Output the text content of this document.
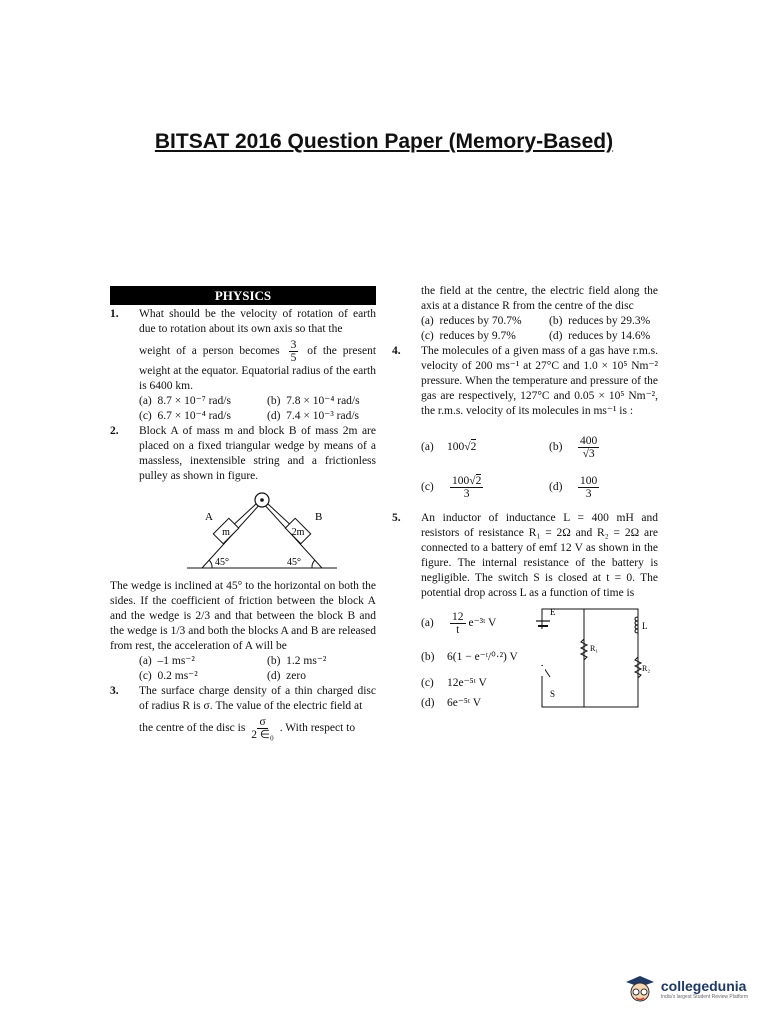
BITSAT 2016 Question Paper (Memory-Based)
PHYSICS
1.	What should be the velocity of rotation of earth due to rotation about its own axis so that the
weight of a person becomes $\frac{3}{5}$ of the present weight at the equator. Equatorial radius of the earth is 6400 km.
(a) 8.7 × 10⁻⁷ rad/s	(b) 7.8 × 10⁻⁴ rad/s
(c) 6.7 × 10⁻⁴ rad/s	(d) 7.4 × 10⁻³ rad/s
2.	Block A of mass m and block B of mass 2m are placed on a fixed triangular wedge by means of a massless, inextensible string and a frictionless pulley as shown in figure.
m	2m
A	B
45°	45°
The wedge is inclined at 45° to the horizontal on both the sides. If the coefficient of friction between the block A and the wedge is 2/3 and that between the block B and the wedge is 1/3 and both the blocks A and B are released from rest, the acceleration of A will be
(a) –1 ms⁻²	(b) 1.2 ms⁻²
(c) 0.2 ms⁻²	(d) zero
3.	The surface charge density of a thin charged disc of radius R is σ. The value of the electric field at
the centre of the disc is $\frac{\sigma}{\text{2 ∈₀}}$ . With respect to
the field at the centre, the electric field along the axis at a distance R from the centre of the disc
(a) reduces by 70.7%	(b) reduces by 29.3%
(c) reduces by 9.7%	(d) reduces by 14.6%
4.	The molecules of a given mass of a gas have r.m.s. velocity of 200 ms⁻¹ at 27°C and 1.0 × 10⁵ Nm⁻² pressure. When the temperature and pressure of the gas are respectively, 127°C and 0.05 × 10⁵ Nm⁻², the r.m.s. velocity of its molecules in ms⁻¹ is :
(a)	100 √ 2	(b)	$\frac{400}{√3}$
(c)	$\frac{100√2}{3}$	(d)	$\frac{100}{3}$
5.	An inductor of inductance L = 400 mH and resistors of resistance R₁ = 2Ω and R₂ = 2Ω are connected to a battery of emf 12 V as shown in the figure. The internal resistance of the battery is negligible. The switch S is closed at t = 0. The potential drop across L as a function of time is
(a)	$\frac{12}{t}$ e⁻³ᵗ V
(b)	6(1 − e⁻ᵗ/⁰·²) V
(c)	12e⁻⁵ᵗ V
(d)	6e⁻⁵ᵗ V
E
R₁
L
R₂
S
collegedunia
India's largest Student Review Platform
